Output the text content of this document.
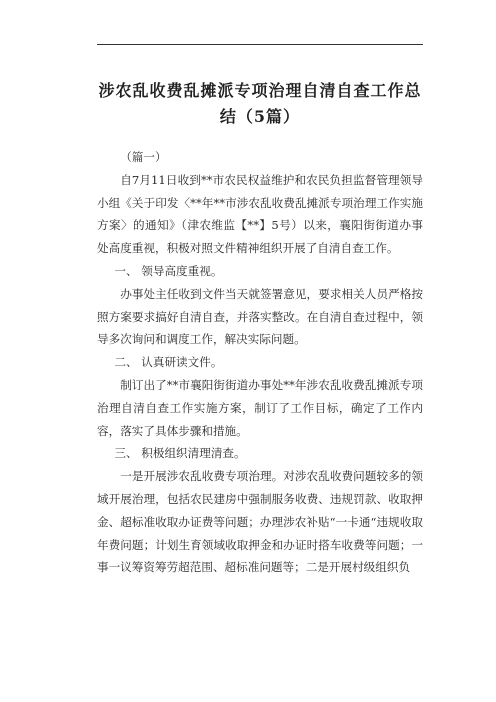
涉农乱收费乱摊派专项治理自清自查工作总
结（5篇）

（篇一）

自7月11日收到**市农民权益维护和农民负担监督管理领导小组《关于印发〈**年**市涉农乱收费乱摊派专项治理工作实施方案〉的通知》（津农维监【**】5号）以来，襄阳街街道办事处高度重视，积极对照文件精神组织开展了自清自查工作。

一、 领导高度重视。

办事处主任收到文件当天就签署意见，要求相关人员严格按照方案要求搞好自清自查，并落实整改。在自清自查过程中，领导多次询问和调度工作，解决实际问题。

二、 认真研读文件。

制订出了**市襄阳街街道办事处**年涉农乱收费乱摊派专项治理自清自查工作实施方案，制订了工作目标，确定了工作内容，落实了具体步骤和措施。

三、 积极组织清理清查。

一是开展涉农乱收费专项治理。对涉农乱收费问题较多的领域开展治理，包括农民建房中强制服务收费、违规罚款、收取押金、超标准收取办证费等问题；办理涉农补贴“一卡通“违规收取年费问题；计划生育领域收取押金和办证时搭车收费等问题；一事一议筹资筹劳超范围、超标准问题等；二是开展村级组织负
